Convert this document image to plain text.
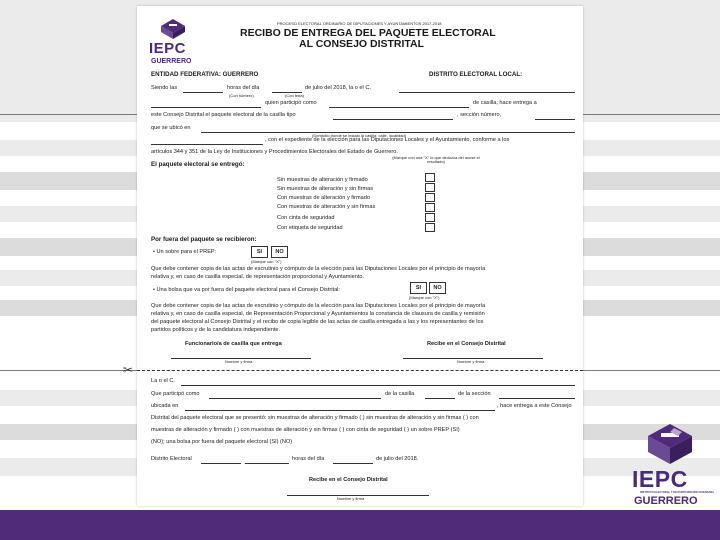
IEPC
GUERRERO
PROCESO ELECTORAL ORDINARIO DE DIPUTACIONES Y AYUNTAMIENTOS 2017-2018
RECIBO DE ENTREGA DEL PAQUETE ELECTORAL
AL CONSEJO DISTRITAL
ENTIDAD FEDERATIVA: GUERRERO	DISTRITO ELECTORAL LOCAL:
Siendo las	horas del día	de julio del 2018, la o el C.
(Con número)	(Con letra)
quien participó como	de casilla, hace entrega a
este Consejo Distrital el paquete electoral de la casilla tipo	, sección número,
que se ubicó en
(Domicilio donde se instaló la casilla; calle, localidad)
, con el expediente de la elección para las Diputaciones Locales y el Ayuntamiento, conforme a los
artículos 344 y 351 de la Ley de Instituciones y Procedimientos Electorales del Estado de Guerrero.
El paquete electoral se entregó:
(Marque con una "X" lo que deduzca del acuse el resultado)
Sin muestras de alteración y firmado
Sin muestras de alteración y sin firmas
Con muestras de alteración y firmado
Con muestras de alteración y sin firmas
Con cinta de seguridad
Con etiqueta de seguridad
Por fuera del paquete se recibieron:
• Un sobre para el PREP:	SI	NO
(Marque con "X")
Que debe contener copia de las actas de escrutinio y cómputo de la elección para las Diputaciones Locales por el principio de mayoría
relativa y, en caso de casilla especial, de representación proporcional y Ayuntamiento.
• Una bolsa que va por fuera del paquete electoral para el Consejo Distrital:	SI	NO
(Marque con "X")
Que debe contener copia de las actas de escrutinio y cómputo de la elección para las Diputaciones Locales por el principio de mayoría
relativa y, en caso de casilla especial, de Representación Proporcional y Ayuntamientos la constancia de clausura de casilla y remisión
del paquete electoral al Consejo Distrital y el recibo de copia legible de las actas de casilla entregada a las y los representantes de los
partidos políticos y de la candidatura independiente.
Funcionario/a de casilla que entrega	Recibe en el Consejo Distrital
Nombre y firma	Nombre y firma
✂
La o el C.
Que participó como	de la casilla	de la sección
ubicada en	, hace entrega a este Consejo
Distrital del paquete electoral que se presentó: sin muestras de alteración y firmado ( ) sin muestras de alteración y sin firmas ( ) con
muestras de alteración y firmado ( ) con muestras de alteración y sin firmas ( ) con cinta de seguridad ( ) un sobre PREP (SI)
(NO); una bolsa por fuera del paquete electoral (SI) (NO)
Distrito Electoral	horas del día	de julio del 2018.
Recibe en el Consejo Distrital
Nombre y firma
IEPC
INSTITUTO ELECTORAL Y DE PARTICIPACIÓN CIUDADANA
GUERRERO
